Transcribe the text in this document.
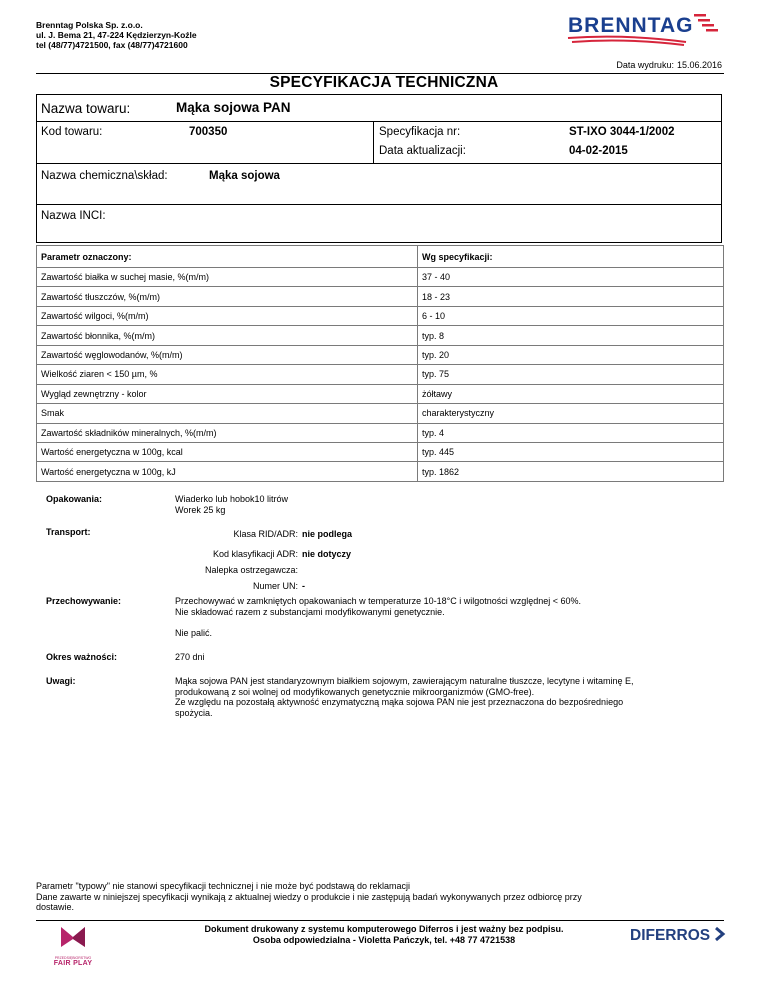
Brenntag Polska Sp. z.o.o.
ul. J. Bema 21, 47-224 Kędzierzyn-Koźle
tel (48/77)4721500, fax (48/77)4721600
BRENNTAG
Data wydruku: 15.06.2016
SPECYFIKACJA TECHNICZNA
Nazwa towaru:	Mąka sojowa PAN
Kod towaru:	700350	Specyfikacja nr:	ST-IXO 3044-1/2002
Data aktualizacji:	04-02-2015
Nazwa chemiczna\skład:	Mąka sojowa
Nazwa INCI:
Parametr oznaczony:	Wg specyfikacji:
Zawartość białka w suchej masie, %(m/m)	37 - 40
Zawartość tłuszczów, %(m/m)	18 - 23
Zawartość wilgoci, %(m/m)	6 - 10
Zawartość błonnika, %(m/m)	typ. 8
Zawartość węglowodanów, %(m/m)	typ. 20
Wielkość ziaren < 150 µm, %	typ. 75
Wygląd zewnętrzny - kolor	żółtawy
Smak	charakterystyczny
Zawartość składników mineralnych, %(m/m)	typ. 4
Wartość energetyczna w 100g, kcal	typ. 445
Wartość energetyczna w 100g, kJ	typ. 1862
Opakowania:	Wiaderko lub hobok10 litrów
Worek 25 kg
Transport:	Klasa RID/ADR: nie podlega
Kod klasyfikacji ADR: nie dotyczy
Nalepka ostrzegawcza:
Numer UN: -
Przechowywanie:	Przechowywać w zamkniętych opakowaniach w temperaturze 10-18°C i wilgotności względnej < 60%.
Nie składować razem z substancjami modyfikowanymi genetycznie.
Nie palić.
Okres ważności:	270 dni
Uwagi:	Mąka sojowa PAN jest standaryzownym białkiem sojowym, zawierającym naturalne tłuszcze, lecytyne i witaminę E,
produkowaną z soi wolnej od modyfikowanych genetycznie mikroorganizmów (GMO-free).
Ze względu na pozostałą aktywność enzymatyczną mąka sojowa PAN nie jest przeznaczona do bezpośredniego
spożycia.
Parametr "typowy" nie stanowi specyfikacji technicznej i nie może być podstawą do reklamacji
Dane zawarte w niniejszej specyfikacji wynikają z aktualnej wiedzy o produkcie i nie zastępują badań wykonywanych przez odbiorcę przy
dostawie.
PRZEDSIĘBIORSTWO
FAIR PLAY
Dokument drukowany z systemu komputerowego Diferros i jest ważny bez podpisu.
Osoba odpowiedzialna - Violetta Pańczyk, tel. +48 77 4721538	DIFERROS
